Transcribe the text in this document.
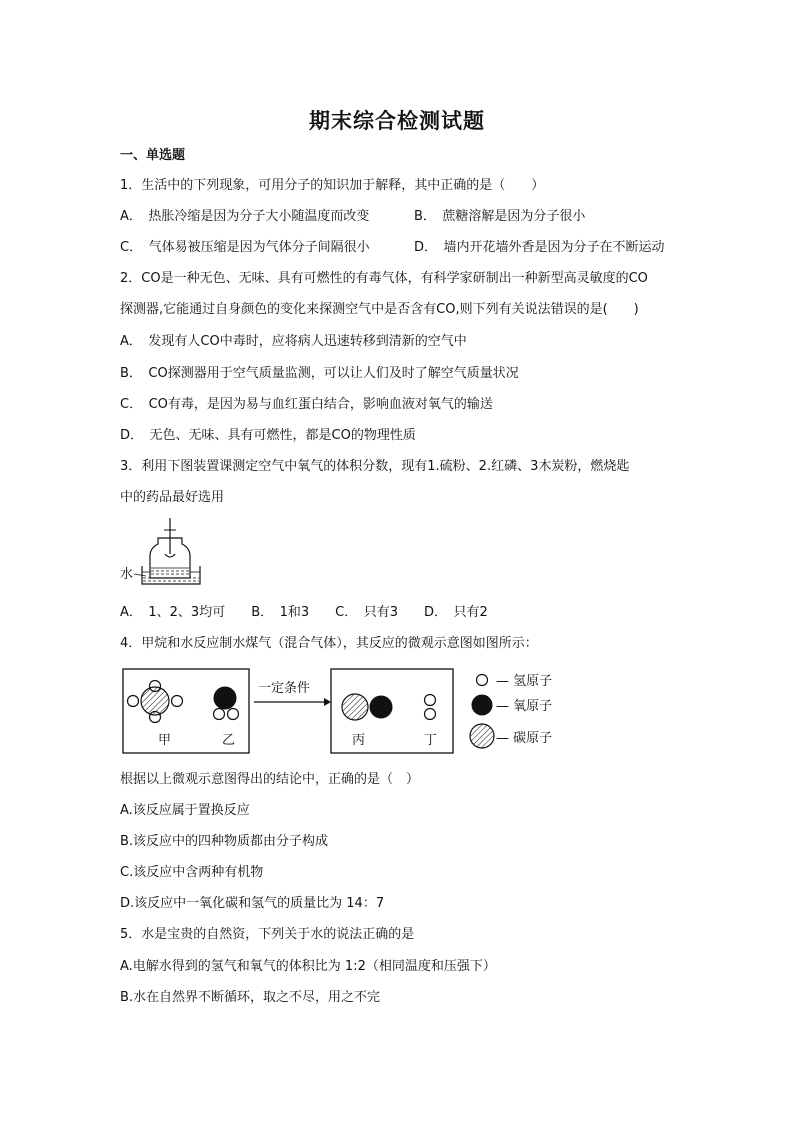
期末综合检测试题
一、单选题
1．生活中的下列现象，可用分子的知识加于解释，其中正确的是（　　）
A．　热胀冷缩是因为分子大小随温度而改变	B．　蔗糖溶解是因为分子很小
C．　气体易被压缩是因为气体分子间隔很小	D．　墙内开花墙外香是因为分子在不断运动
2．CO是一种无色、无味、具有可燃性的有毒气体，有科学家研制出一种新型高灵敏度的CO
探测器,它能通过自身颜色的变化来探测空气中是否含有CO,则下列有关说法错误的是(　　)
A．　发现有人CO中毒时，应将病人迅速转移到清新的空气中
B．　CO探测器用于空气质量监测，可以让人们及时了解空气质量状况
C．　CO有毒，是因为易与血红蛋白结合，影响血液对氧气的输送
D．　无色、无味、具有可燃性，都是CO的物理性质
3．利用下图装置课测定空气中氧气的体积分数，现有1.硫粉、2.红磷、3木炭粉，燃烧匙
中的药品最好选用
水
A．　1、2、3均可　　B．　1和3　　C．　只有3　　D．　只有2
4．甲烷和水反应制水煤气（混合气体），其反应的微观示意图如图所示：
甲	乙
一定条件
丙	丁
— 氢原子
— 氧原子
— 碳原子
根据以上微观示意图得出的结论中，正确的是（　）
A.该反应属于置换反应
B.该反应中的四种物质都由分子构成
C.该反应中含两种有机物
D.该反应中一氧化碳和氢气的质量比为 14：7
5．水是宝贵的自然资，下列关于水的说法正确的是
A.电解水得到的氢气和氧气的体积比为 1:2（相同温度和压强下）
B.水在自然界不断循环，取之不尽，用之不完
